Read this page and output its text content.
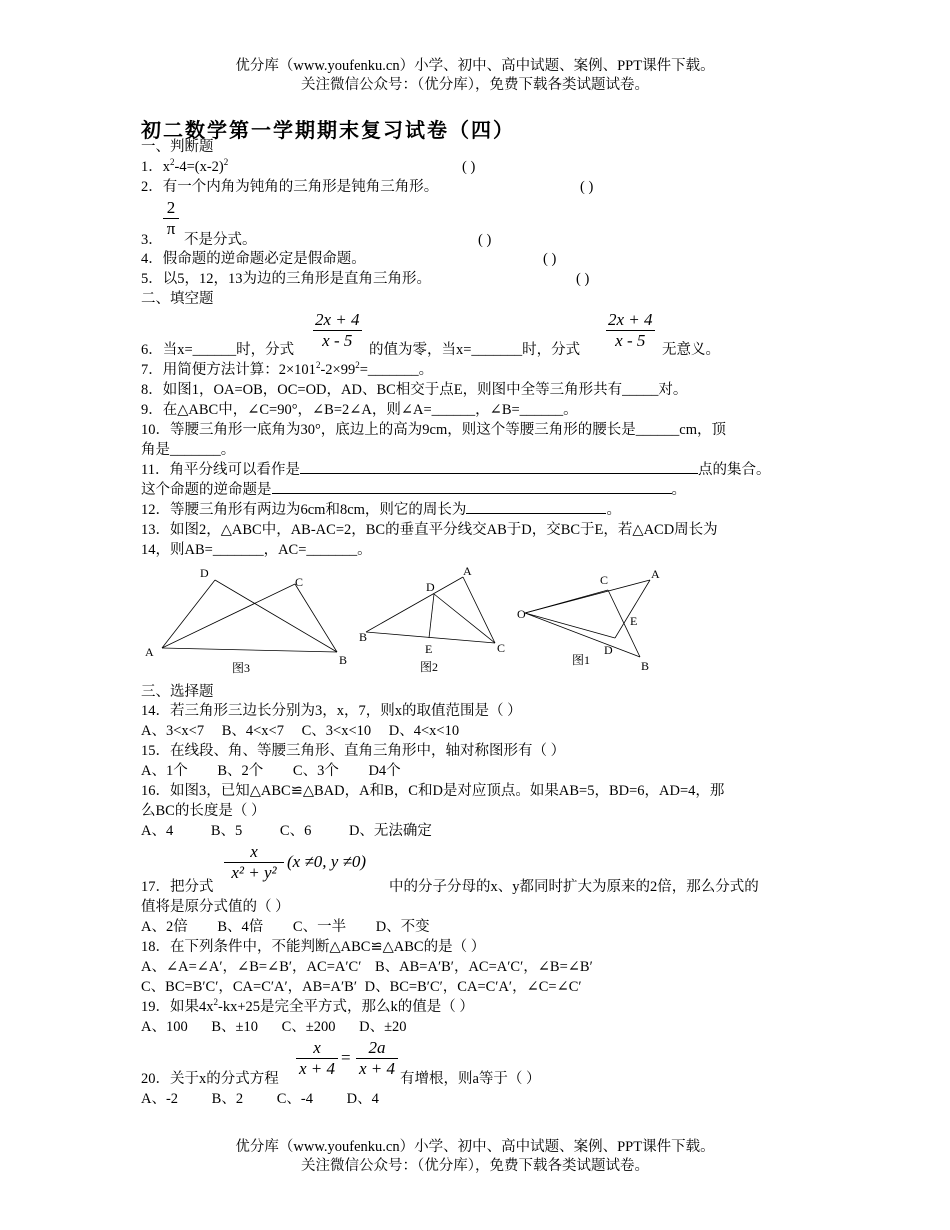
优分库（www.youfenku.cn）小学、初中、高中试题、案例、PPT课件下载。
关注微信公众号：（优分库），免费下载各类试题试卷。
初二数学第一学期期末复习试卷（四）
一、判断题
1．$x^2-4=(x-2)^2$	( )
2．有一个内角为钝角的三角形是钝角三角形。	( )
2
π
3． 不是分式。	( )
4．假命题的逆命题必定是假命题。	( )
5．以5，12，13为边的三角形是直角三角形。	( )
二、填空题
$\frac{2x + 4}{x - 5}$	$\frac{2x + 4}{x - 5}$
6．当x=______时，分式	的值为零，当x=_______时，分式	无意义。
7．用简便方法计算：$2\times 101^2-2\times 99^2=\_\_\_\_\_\_\_$。
8．如图1，OA=OB，OC=OD，AD、BC相交于点E，则图中全等三角形共有_____对。
9．在△ABC中，∠C=90°，∠B=2∠A，则∠A=______，∠B=______。
10．等腰三角形一底角为30°，底边上的高为9cm，则这个等腰三角形的腰长是______cm，顶
角是_______。
11．角平分线可以看作是	点的集合。
这个命题的逆命题是	。
12．等腰三角形有两边为6cm和8cm，则它的周长为	。
13．如图2，△ABC中，AB-AC=2，BC的垂直平分线交AB于D，交BC于E，若△ACD周长为
14，则AB=_______，AC=_______。
A
B
C
D
图3
B
C
A
D
E
图2
O
A
C
E
D
B
图1
三、选择题
14．若三角形三边长分别为3，x，7，则x的取值范围是（ ）
A、3<x<7 B、4<x<7 C、3<x<10 D、4<x<10
15．在线段、角、等腰三角形、直角三角形中，轴对称图形有（ ）
A、1个 B、2个 C、3个 D4个
16．如图3，已知△ABC≌△BAD，A和B，C和D是对应顶点。如果AB=5，BD=6，AD=4，那
么BC的长度是（ ）
A、4 B、5 C、6 D、无法确定
$\frac{x}{\text{x² + y²}} (x \ne 0$, y ≠0)
17．把分式	中的分子分母的x、y都同时扩大为原来的2倍，那么分式的
值将是原分式值的（ ）
A、2倍 B、4倍 C、一半 D、不变
18．在下列条件中，不能判断△ABC≌△ABC的是（ ）
A、∠A=∠A′，∠B=∠B′，AC=A′C′ B、AB=A′B′，AC=A′C′，∠B=∠B′
C、BC=B′C′，CA=C′A′，AB=A′B′ D、BC=B′C′，CA=C′A′，∠C=∠C′
19．如果$4x^2-kx+25$是完全平方式，那么k的值是（ ）
A、100 B、±10 C、±200 D、±20
$\frac{x}{x + 4} = \frac{2a}{x + 4}$
20．关于x的分式方程	有增根，则a等于（ ）
A、-2 B、2 C、-4 D、4
优分库（www.youfenku.cn）小学、初中、高中试题、案例、PPT课件下载。
关注微信公众号：（优分库），免费下载各类试题试卷。
